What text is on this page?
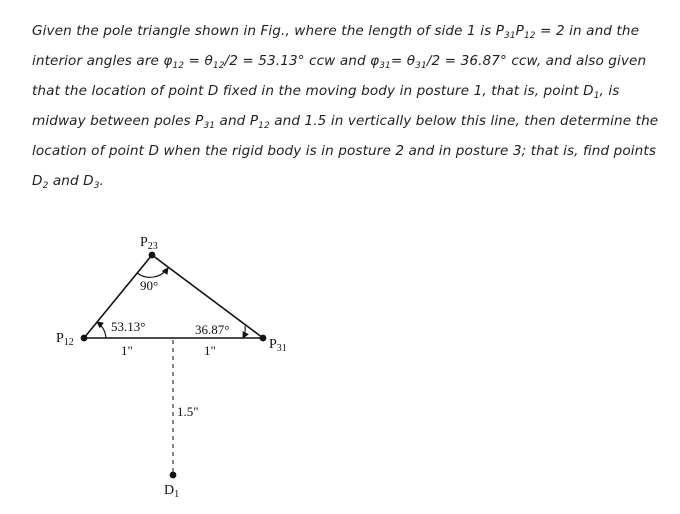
Given the pole triangle shown in Fig., where the length of side 1 is $P_{31}P_{12} = 2$ in and the
interior angles are $\varphi_{12} = \theta_{12}/2 = 53.13^\circ$ ccw and $\varphi_{31}= \theta_{31}/2 = 36.87^\circ$ ccw, and also given
that the location of point D fixed in the moving body in posture 1, that is, point $D_1$, is
midway between poles $P_{31}$ and $P_{12}$ and 1.5 in vertically below this line, then determine the
location of point D when the rigid body is in posture 2 and in posture 3; that is, find points
$D_2$ and $D_3$.
$P_{23}$
$P_{12}$	$P_{31}$
$D_1$
90°
53.13°	36.87°
1"	1"
1.5"
